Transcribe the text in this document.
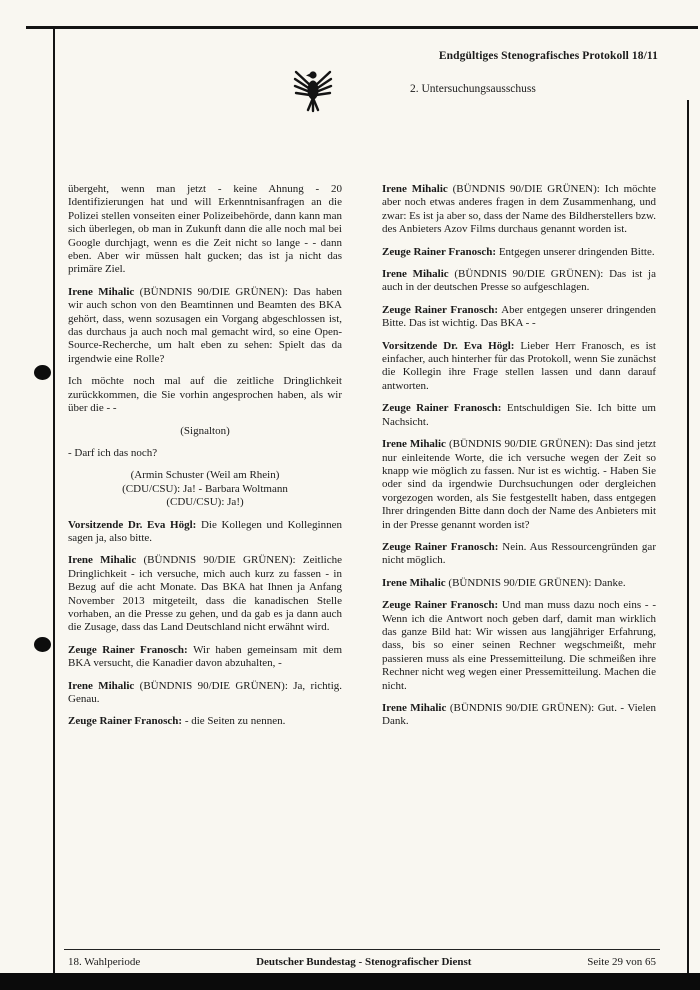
Endgültiges Stenografisches Protokoll 18/11
2. Untersuchungsausschuss

übergeht, wenn man jetzt - keine Ahnung - 20 Identifizierungen hat und will Erkenntnisanfragen an die Polizei stellen vonseiten einer Polizeibehörde, dann kann man sich überlegen, ob man in Zukunft dann die alle noch mal bei Google durchjagt, wenn es die Zeit nicht so lange - - dann eben. Aber wir müssen halt gucken; das ist ja nicht das primäre Ziel.

Irene Mihalic (BÜNDNIS 90/DIE GRÜNEN): Das haben wir auch schon von den Beamtinnen und Beamten des BKA gehört, dass, wenn sozusagen ein Vorgang abgeschlossen ist, das durchaus ja auch noch mal gemacht wird, so eine Open-Source-Recherche, um halt eben zu sehen: Spielt das da irgendwie eine Rolle?

Ich möchte noch mal auf die zeitliche Dringlichkeit zurückkommen, die Sie vorhin angesprochen haben, als wir über die - -

(Signalton)

- Darf ich das noch?

(Armin Schuster (Weil am Rhein) (CDU/CSU): Ja! - Barbara Woltmann (CDU/CSU): Ja!)

Vorsitzende Dr. Eva Högl: Die Kollegen und Kolleginnen sagen ja, also bitte.

Irene Mihalic (BÜNDNIS 90/DIE GRÜNEN): Zeitliche Dringlichkeit - ich versuche, mich auch kurz zu fassen - in Bezug auf die acht Monate. Das BKA hat Ihnen ja Anfang November 2013 mitgeteilt, dass die kanadischen Stelle vorhaben, an die Presse zu gehen, und da gab es ja dann auch die Zusage, dass das Land Deutschland nicht erwähnt wird.

Zeuge Rainer Franosch: Wir haben gemeinsam mit dem BKA versucht, die Kanadier davon abzuhalten, -

Irene Mihalic (BÜNDNIS 90/DIE GRÜNEN): Ja, richtig. Genau.

Zeuge Rainer Franosch: - die Seiten zu nennen.

Irene Mihalic (BÜNDNIS 90/DIE GRÜNEN): Ich möchte aber noch etwas anderes fragen in dem Zusammenhang, und zwar: Es ist ja aber so, dass der Name des Bildherstellers bzw. des Anbieters Azov Films durchaus genannt worden ist.

Zeuge Rainer Franosch: Entgegen unserer dringenden Bitte.

Irene Mihalic (BÜNDNIS 90/DIE GRÜNEN): Das ist ja auch in der deutschen Presse so aufgeschlagen.

Zeuge Rainer Franosch: Aber entgegen unserer dringenden Bitte. Das ist wichtig. Das BKA - -

Vorsitzende Dr. Eva Högl: Lieber Herr Franosch, es ist einfacher, auch hinterher für das Protokoll, wenn Sie zunächst die Kollegin ihre Frage stellen lassen und dann darauf antworten.

Zeuge Rainer Franosch: Entschuldigen Sie. Ich bitte um Nachsicht.

Irene Mihalic (BÜNDNIS 90/DIE GRÜNEN): Das sind jetzt nur einleitende Worte, die ich versuche wegen der Zeit so knapp wie möglich zu fassen. Nur ist es wichtig. - Haben Sie oder sind da irgendwie Durchsuchungen oder dergleichen vorgezogen worden, als Sie festgestellt haben, dass entgegen Ihrer dringenden Bitte dann doch der Name des Anbieters mit in der Presse genannt worden ist?

Zeuge Rainer Franosch: Nein. Aus Ressourcengründen gar nicht möglich.

Irene Mihalic (BÜNDNIS 90/DIE GRÜNEN): Danke.

Zeuge Rainer Franosch: Und man muss dazu noch eins - - Wenn ich die Antwort noch geben darf, damit man wirklich das ganze Bild hat: Wir wissen aus langjähriger Erfahrung, dass, bis so einer seinen Rechner wegschmeißt, mehr passieren muss als eine Pressemitteilung. Die schmeißen ihre Rechner nicht weg wegen einer Pressemitteilung. Machen die nicht.

Irene Mihalic (BÜNDNIS 90/DIE GRÜNEN): Gut. - Vielen Dank.

18. Wahlperiode	Deutscher Bundestag - Stenografischer Dienst	Seite 29 von 65
